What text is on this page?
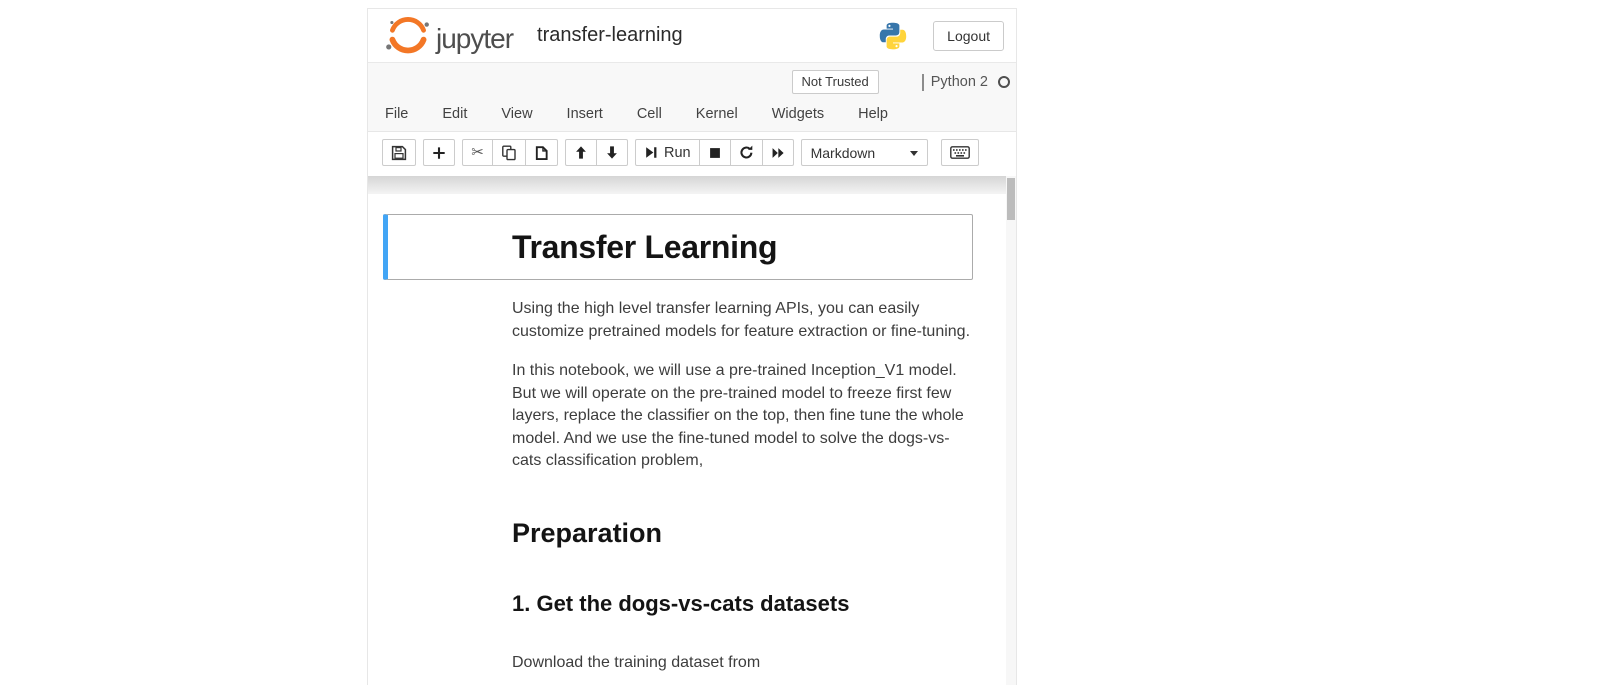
jupyter transfer-learning	Logout
Not Trusted	Python 2
File	Edit	View	Insert	Cell	Kernel	Widgets	Help
✂	Run	Markdown
Transfer Learning

Using the high level transfer learning APIs, you can easily customize pretrained models for feature extraction or fine-tuning.

In this notebook, we will use a pre-trained Inception_V1 model. But we will operate on the pre-trained model to freeze first few layers, replace the classifier on the top, then fine tune the whole model. And we use the fine-tuned model to solve the dogs-vs-cats classification problem,

Preparation
1. Get the dogs-vs-cats datasets

Download the training dataset from
